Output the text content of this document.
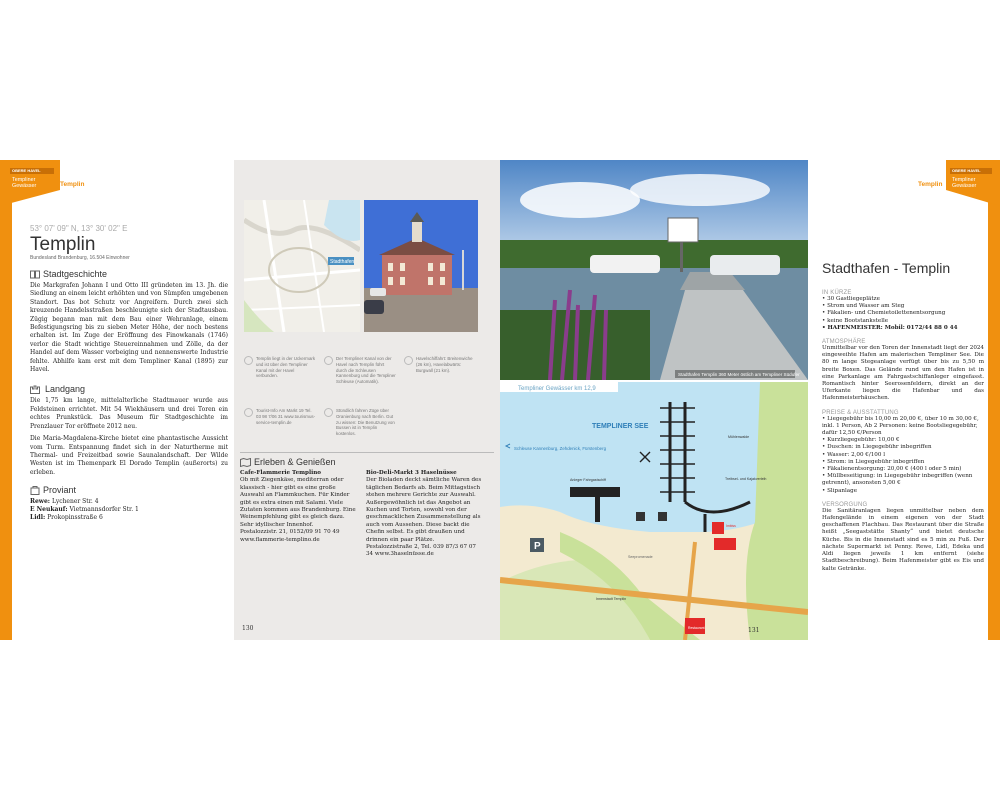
OBERE HAVEL
Templiner Gewässer	Templin
53° 07' 09" N, 13° 30' 02" E
Templin
Bundesland Brandenburg, 16.504 Einwohner
Stadtgeschichte
Die Markgrafen Johann I und Otto III gründeten im 13. Jh. die Siedlung an einem leicht erhöhten und von Sümpfen umgebenen Standort. Das bot Schutz vor Angreifern. Durch zwei sich kreuzende Handelsstraßen beschleunigte sich der Stadtausbau. Zügig begann man mit dem Bau einer Wehranlage, einem Befestigungsring bis zu sieben Meter Höhe, der noch bestens erhalten ist. Im Zuge der Eröffnung des Finowkanals (1746) verlor die Stadt wichtige Steuereinnahmen und Zölle, da der Handel auf dem Wasser vorbeiging und nennenswerte Industrie fehlte. Abhilfe kam erst mit dem Templiner Kanal (1895) zur Havel.
Landgang
Die 1,75 km lange, mittelalterliche Stadtmauer wurde aus Feldsteinen errichtet. Mit 54 Wiekhäusern und drei Toren ein echtes Prunkstück. Das Museum für Stadtgeschichte im Prenzlauer Tor eröffnete 2012 neu.
Die Maria-Magdalena-Kirche bietet eine phantastische Aussicht vom Turm. Entspannung findet sich in der Naturtherme mit Thermal- und Freizeitbad sowie Saunalandschaft. Der Wilde Westen ist im Themenpark El Dorado Templin (außerorts) zu erleben.
Proviant
Rewe: Lychener Str. 4
E Neukauf: Vietmannsdorfer Str. 1
Lidl: Prokopinsstraße 6
Stadthafen
Templin liegt in der Uckermark und ist über den Templiner Kanal mit der Havel verbunden.
Der Templiner Kanal von der Havel nach Templin führt durch die Schleusen Kannenburg und die Templiner Schleuse (Automatik).
Havelschiffahrt: Breitenwiche (26 km), Havelabwärts: Burgwall (21 km).
Tourist-Info Am Markt 19 Tel. 03 98 7/06 31 www.tourismus-service-templin.de
Stündlich fahren Züge über Oranienburg nach Berlin. Gut zu wissen: Die Benutzung von Bussen ist in Templin kostenlos.
Erleben & Genießen
Cafe-Flammerie Templino
Ob mit Ziegenkäse, mediterran oder klassisch - hier gibt es eine große Auswahl an Flammkuchen. Für Kinder gibt es extra einen mit Salami. Viele Zutaten kommen aus Brandenburg. Eine Weinempfehlung gibt es gleich dazu. Sehr idyllischer Innenhof.
Postalozzistr. 21, 0152/09 91 70 49 www.flammerie-templino.de
Bio-Deli-Markt 3 Haselnüsse
Der Bioladen deckt sämtliche Waren des täglichen Bedarfs ab. Beim Mittagstisch stehen mehrere Gerichte zur Auswahl. Außergewöhnlich ist das Angebot an Kuchen und Torten, sowohl von der geschmacklichen Zusammenstellung als auch vom Aussehen. Diese backt die Chefin selbst. Es gibt draußen und drinnen ein paar Plätze.
Pestalozzistraße 2, Tel. 039 87/3 67 07 34 www.3haselnüsse.de
130
Stadthafen Templin 360 Meter östlich am Templiner Südufer
Templiner Gewässer km 12,9
TEMPLINER SEE
Schleuse Kannenburg, Zehdenick, Fürstenberg
Anleger Fahrgastschiff
Mühlenwalde
Treibsel- und Kajakverleih
Seepromenade
Innenstadt Templin
P
Imbiss
Restaurant	131
OBERE HAVEL
Templiner Gewässer
Templin
Stadthafen - Templin
IN KÜRZE
• 30 Gastliegeplätze
• Strom und Wasser am Steg
• Fäkalien- und Chemietoilettenentsorgung
• keine Bootstankstelle
• HAFENMEISTER: Mobil: 0172/44 88 0 44
ATMOSPHÄRE
Unmittelbar vor den Toren der Innenstadt liegt der 2024 eingeweihte Hafen am malerischen Templiner See. Die 80 m lange Stegeanlage verfügt über bis zu 5,50 m breite Boxen. Das Gelände rund um den Hafen ist in eine Parkanlage am Fahrgastschiffanleger eingefasst. Romantisch hinter Seerosenfeldern, direkt an der Uferkante liegen die Hafenbar und das Hafenmeisterhäuschen.
PREISE & AUSSTATTUNG
• Liegegebühr bis 10,00 m 20,00 €, über 10 m 30,00 €, inkl. 1 Person, Ab 2 Personen: keine Bootsliegegebühr, dafür 12,50 €/Person
• Kurzliegegebühr: 10,00 €
• Duschen: in Liegegebühr inbegriffen
• Wasser: 2,00 €/100 l
• Strom: in Liegegebühr inbegriffen
• Fäkalienentsorgung: 20,00 € (400 l oder 5 min)
• Müllbeseitigung: in Liegegebühr inbegriffen (wenn getrennt), ansonsten 5,00 €
• Slipanlage
VERSORGUNG
Die Sanitäranlagen liegen unmittelbar neben dem Hafengelände in einem eigenen von der Stadt geschaffenen Flachbau. Das Restaurant über die Straße heißt „Seegaststätte Shanty“ und bietet deutsche Küche. Bis in die Innenstadt sind es 5 min zu Fuß. Der nächste Supermarkt ist Penny. Rewe, Lidl, Edeka und Aldi liegen jeweils 1 km entfernt (siehe Stadtbeschreibung). Beim Hafenmeister gibt es Eis und kalte Getränke.
